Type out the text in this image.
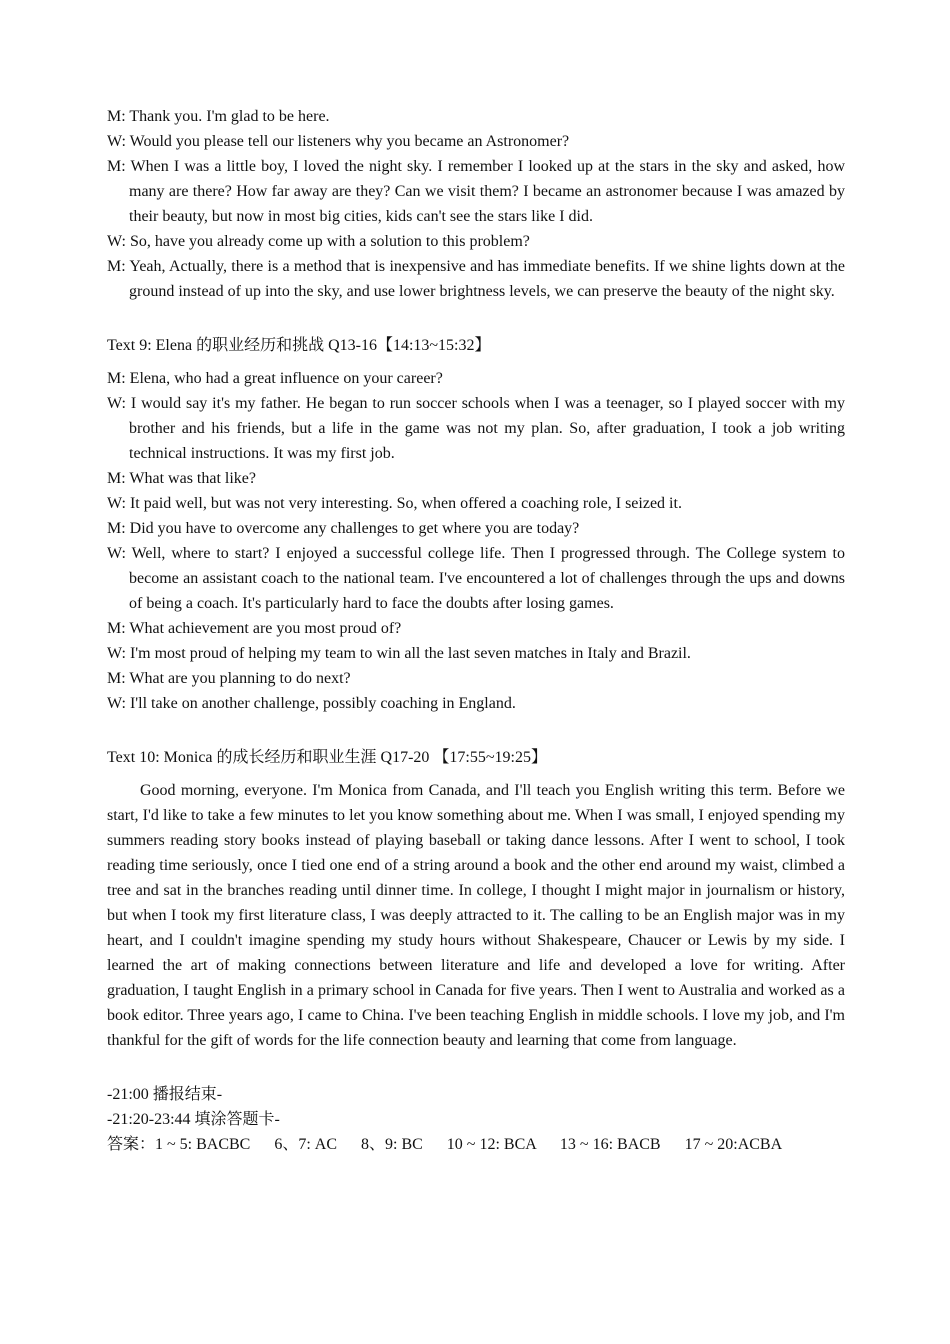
M: Thank you. I'm glad to be here.

W: Would you please tell our listeners why you became an Astronomer?

M: When I was a little boy, I loved the night sky. I remember I looked up at the stars in the sky and asked, how many are there? How far away are they? Can we visit them? I became an astronomer because I was amazed by their beauty, but now in most big cities, kids can't see the stars like I did.

W: So, have you already come up with a solution to this problem?

M: Yeah, Actually, there is a method that is inexpensive and has immediate benefits. If we shine lights down at the ground instead of up into the sky, and use lower brightness levels, we can preserve the beauty of the night sky.

Text 9: Elena 的职业经历和挑战 Q13-16【14:13~15:32】

M: Elena, who had a great influence on your career?

W: I would say it's my father. He began to run soccer schools when I was a teenager, so I played soccer with my brother and his friends, but a life in the game was not my plan. So, after graduation, I took a job writing technical instructions. It was my first job.

M: What was that like?

W: It paid well, but was not very interesting. So, when offered a coaching role, I seized it.

M: Did you have to overcome any challenges to get where you are today?

W: Well, where to start? I enjoyed a successful college life. Then I progressed through. The College system to become an assistant coach to the national team. I've encountered a lot of challenges through the ups and downs of being a coach. It's particularly hard to face the doubts after losing games.

M: What achievement are you most proud of?

W: I'm most proud of helping my team to win all the last seven matches in Italy and Brazil.

M: What are you planning to do next?

W: I'll take on another challenge, possibly coaching in England.

Text 10: Monica 的成长经历和职业生涯 Q17-20 【17:55~19:25】

Good morning, everyone. I'm Monica from Canada, and I'll teach you English writing this term. Before we start, I'd like to take a few minutes to let you know something about me. When I was small, I enjoyed spending my summers reading story books instead of playing baseball or taking dance lessons. After I went to school, I took reading time seriously, once I tied one end of a string around a book and the other end around my waist, climbed a tree and sat in the branches reading until dinner time. In college, I thought I might major in journalism or history, but when I took my first literature class, I was deeply attracted to it. The calling to be an English major was in my heart, and I couldn't imagine spending my study hours without Shakespeare, Chaucer or Lewis by my side. I learned the art of making connections between literature and life and developed a love for writing. After graduation, I taught English in a primary school in Canada for five years. Then I went to Australia and worked as a book editor. Three years ago, I came to China. I've been teaching English in middle schools. I love my job, and I'm thankful for the gift of words for the life connection beauty and learning that come from language.

-21:00 播报结束-

-21:20-23:44 填涂答题卡-

答案：1 ~ 5: BACBC      6、7: AC      8、9: BC      10 ~ 12: BCA      13 ~ 16: BACB      17 ~ 20:ACBA
